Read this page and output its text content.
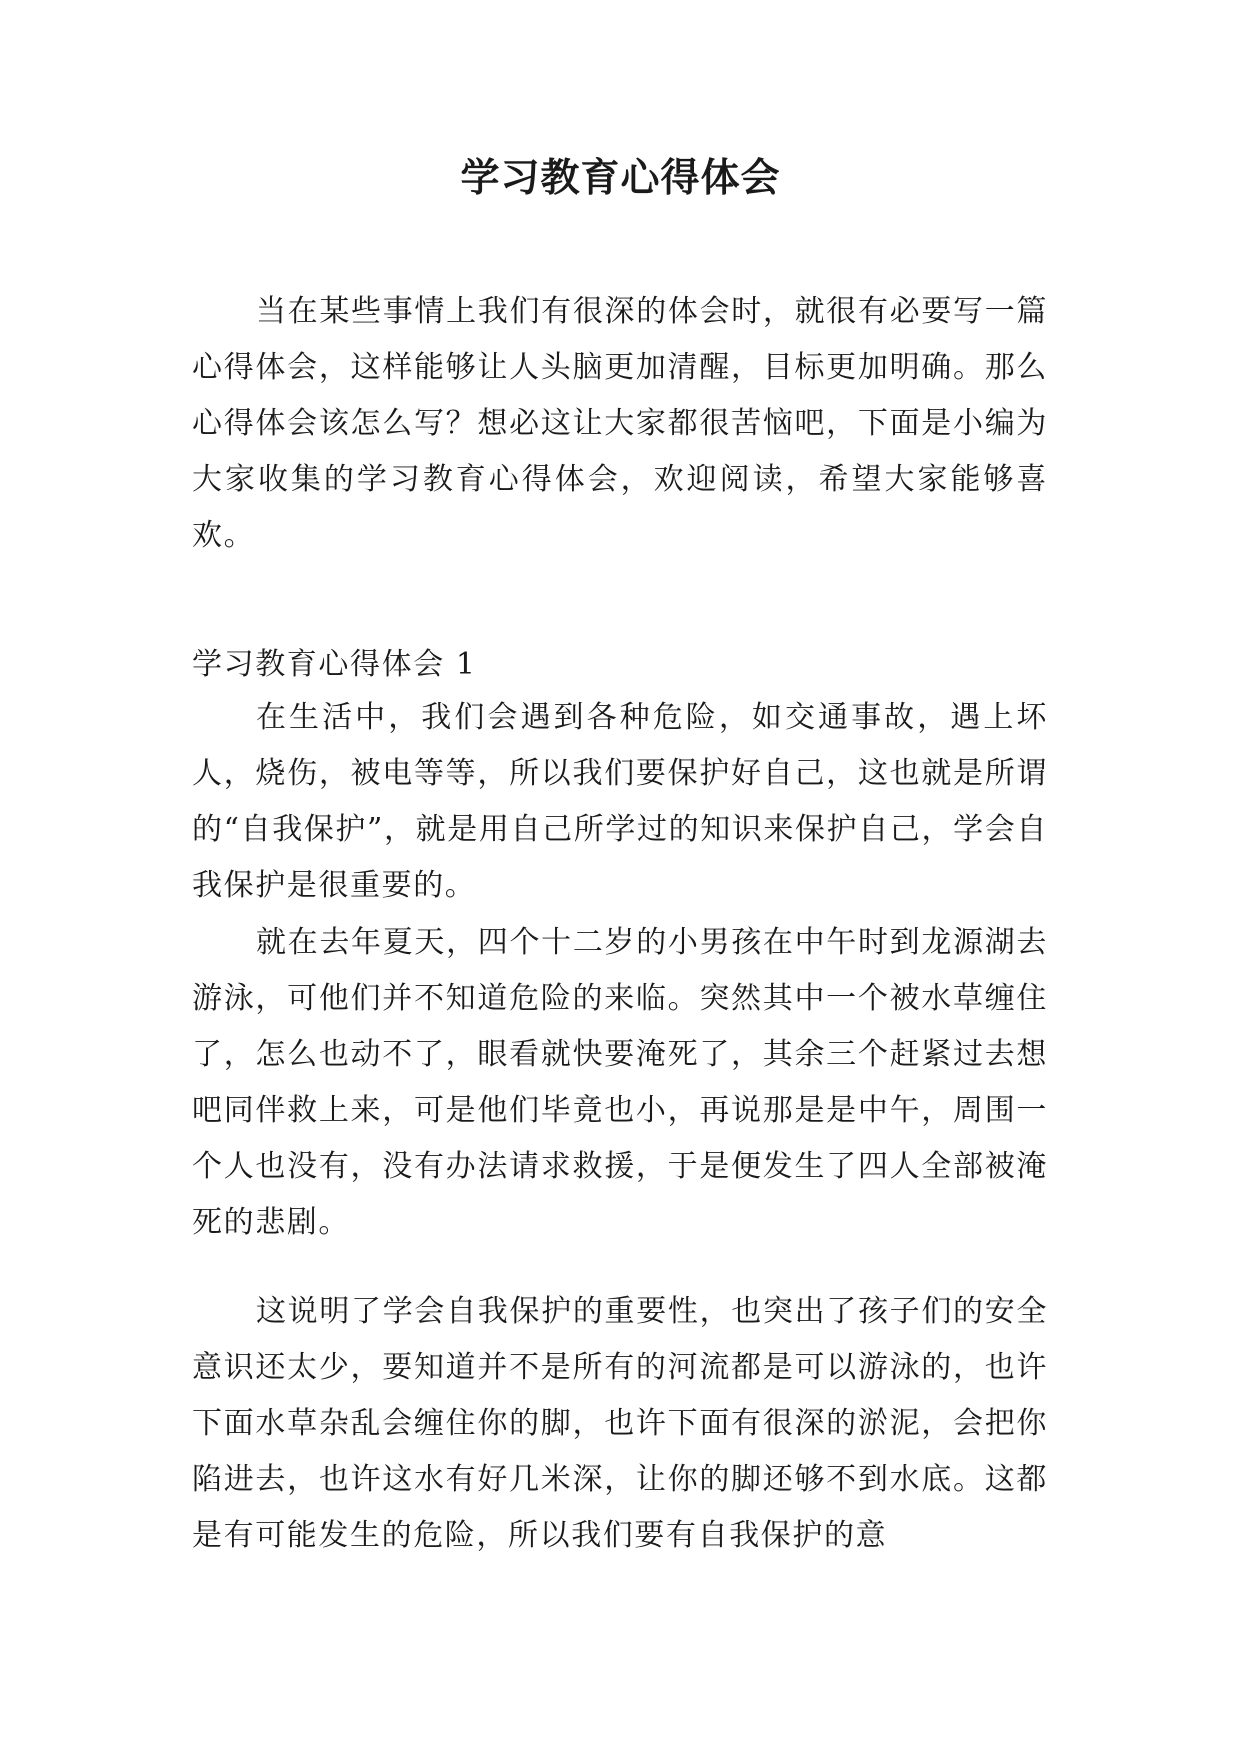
学习教育心得体会

当在某些事情上我们有很深的体会时，就很有必要写一篇心得体会，这样能够让人头脑更加清醒，目标更加明确。那么心得体会该怎么写？想必这让大家都很苦恼吧，下面是小编为大家收集的学习教育心得体会，欢迎阅读，希望大家能够喜欢。

学习教育心得体会 1

在生活中，我们会遇到各种危险，如交通事故，遇上坏人，烧伤，被电等等，所以我们要保护好自己，这也就是所谓的“自我保护”，就是用自己所学过的知识来保护自己，学会自我保护是很重要的。

就在去年夏天，四个十二岁的小男孩在中午时到龙源湖去游泳，可他们并不知道危险的来临。突然其中一个被水草缠住了，怎么也动不了，眼看就快要淹死了，其余三个赶紧过去想吧同伴救上来，可是他们毕竟也小，再说那是是中午，周围一个人也没有，没有办法请求救援，于是便发生了四人全部被淹死的悲剧。

这说明了学会自我保护的重要性，也突出了孩子们的安全意识还太少，要知道并不是所有的河流都是可以游泳的，也许下面水草杂乱会缠住你的脚，也许下面有很深的淤泥，会把你陷进去，也许这水有好几米深，让你的脚还够不到水底。这都是有可能发生的危险，所以我们要有自我保护的意
